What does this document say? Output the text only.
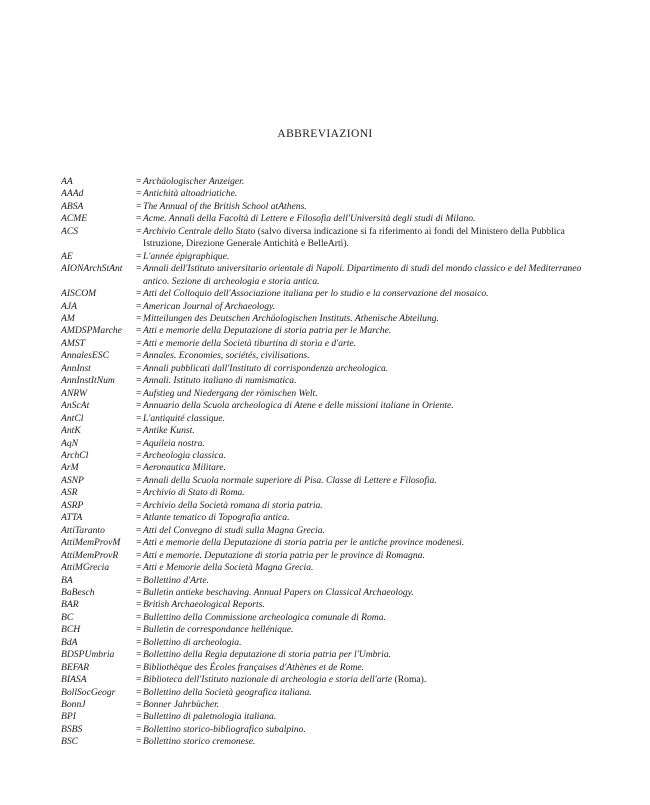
ABBREVIAZIONI
AA	= Archäologischer Anzeiger.
AAAd	= Antichità altoadriatiche.
ABSA	= The Annual of the British School atAthens.
ACME	= Acme. Annali della Facoltà di Lettere e Filosofia dell'Università degli studi di Milano.
ACS	= Archivio Centrale dello Stato (salvo diversa indicazione si fa riferimento ai fondi del Ministero della Pubblica Istruzione, Direzione Generale Antichità e BelleArti).
AE	= L'année épigraphique.
AIONArchStAnt	= Annali dell'Istituto universitario orientale di Napoli. Dipartimento di studi del mondo classico e del Mediterraneo antico. Sezione di archeologia e storia antica.
AISCOM	= Atti del Colloquio dell'Associazione italiana per lo studio e la conservazione del mosaico.
AJA	= American Journal of Archaeology.
AM	= Mitteilungen des Deutschen Archäologischen Instituts. Athenische Abteilung.
AMDSPMarche	= Atti e memorie della Deputazione di storia patria per le Marche.
AMST	= Atti e memorie della Società tiburtina di storia e d'arte.
AnnalesESC	= Annales. Economies, sociétés, civilisations.
AnnInst	= Annali pubblicati dall'Instituto di corrispondenza archeologica.
AnnInstItNum	= Annali. Istituto italiano di numismatica.
ANRW	= Aufstieg und Niedergang der römischen Welt.
AnScAt	= Annuario della Scuola archeologica di Atene e delle missioni italiane in Oriente.
AntCl	= L'antiquité classique.
AntK	= Antike Kunst.
AqN	= Aquileia nostra.
ArchCl	= Archeologia classica.
ArM	= Aeronautica Militare.
ASNP	= Annali della Scuola normale superiore di Pisa. Classe di Lettere e Filosofia.
ASR	= Archivio di Stato di Roma.
ASRP	= Archivio della Società romana di storia patria.
ATTA	= Atlante tematico di Topografia antica.
AttiTaranto	= Atti del Convegno di studi sulla Magna Grecia.
AttiMemProvM	= Atti e memorie della Deputazione di storia patria per le antiche province modenesi.
AttiMemProvR	= Atti e memorie. Deputazione di storia patria per le province di Romagna.
AttiMGrecia	= Atti e Memorie della Società Magna Grecia.
BA	= Bollettino d'Arte.
BaBesch	= Bulletin antieke beschaving. Annual Papers on Classical Archaeology.
BAR	= British Archaeological Reports.
BC	= Bullettino della Commissione archeologica comunale di Roma.
BCH	= Bulletin de correspondance hellénique.
BdA	= Bollettino di archeologia.
BDSPUmbria	= Bollettino della Regia deputazione di storia patria per l'Umbria.
BEFAR	= Bibliothèque des Écoles françaises d'Athènes et de Rome.
BIASA	= Biblioteca dell'Istituto nazionale di archeologia e storia dell'arte (Roma).
BollSocGeogr	= Bollettino della Società geografica italiana.
BonnJ	= Bonner Jahrbücher.
BPI	= Bullettino di paletnologia italiana.
BSBS	= Bollettino storico-bibliografico subalpino.
BSC	= Bollettino storico cremonese.
